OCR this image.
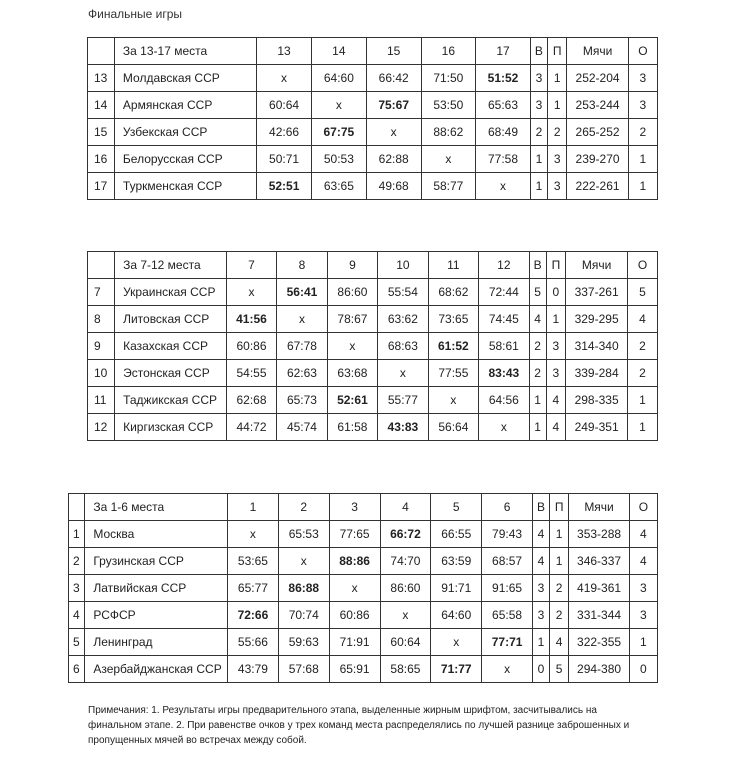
Финальные игры
	За 13-17 места	13	14	15	16	17	В	П	Мячи	О
13	Молдавская ССР	x	64:60	66:42	71:50	51:52	3	1	252-204	3
14	Армянская ССР	60:64	x	75:67	53:50	65:63	3	1	253-244	3
15	Узбекская ССР	42:66	67:75	x	88:62	68:49	2	2	265-252	2
16	Белорусская ССР	50:71	50:53	62:88	x	77:58	1	3	239-270	1
17	Туркменская ССР	52:51	63:65	49:68	58:77	x	1	3	222-261	1
	За 7-12 места	7	8	9	10	11	12	В	П	Мячи	О
7	Украинская ССР	x	56:41	86:60	55:54	68:62	72:44	5	0	337-261	5
8	Литовская ССР	41:56	x	78:67	63:62	73:65	74:45	4	1	329-295	4
9	Казахская ССР	60:86	67:78	x	68:63	61:52	58:61	2	3	314-340	2
10	Эстонская ССР	54:55	62:63	63:68	x	77:55	83:43	2	3	339-284	2
11	Таджикская ССР	62:68	65:73	52:61	55:77	x	64:56	1	4	298-335	1
12	Киргизская ССР	44:72	45:74	61:58	43:83	56:64	x	1	4	249-351	1
	За 1-6 места	1	2	3	4	5	6	В	П	Мячи	О
1	Москва	x	65:53	77:65	66:72	66:55	79:43	4	1	353-288	4
2	Грузинская ССР	53:65	x	88:86	74:70	63:59	68:57	4	1	346-337	4
3	Латвийская ССР	65:77	86:88	x	86:60	91:71	91:65	3	2	419-361	3
4	РСФСР	72:66	70:74	60:86	x	64:60	65:58	3	2	331-344	3
5	Ленинград	55:66	59:63	71:91	60:64	x	77:71	1	4	322-355	1
6	Азербайджанская ССР	43:79	57:68	65:91	58:65	71:77	x	0	5	294-380	0
Примечания: 1. Результаты игры предварительного этапа, выделенные жирным шрифтом, засчитывались на финальном этапе. 2. При равенстве очков у трех команд места распределялись по лучшей разнице заброшенных и пропущенных мячей во встречах между собой.
